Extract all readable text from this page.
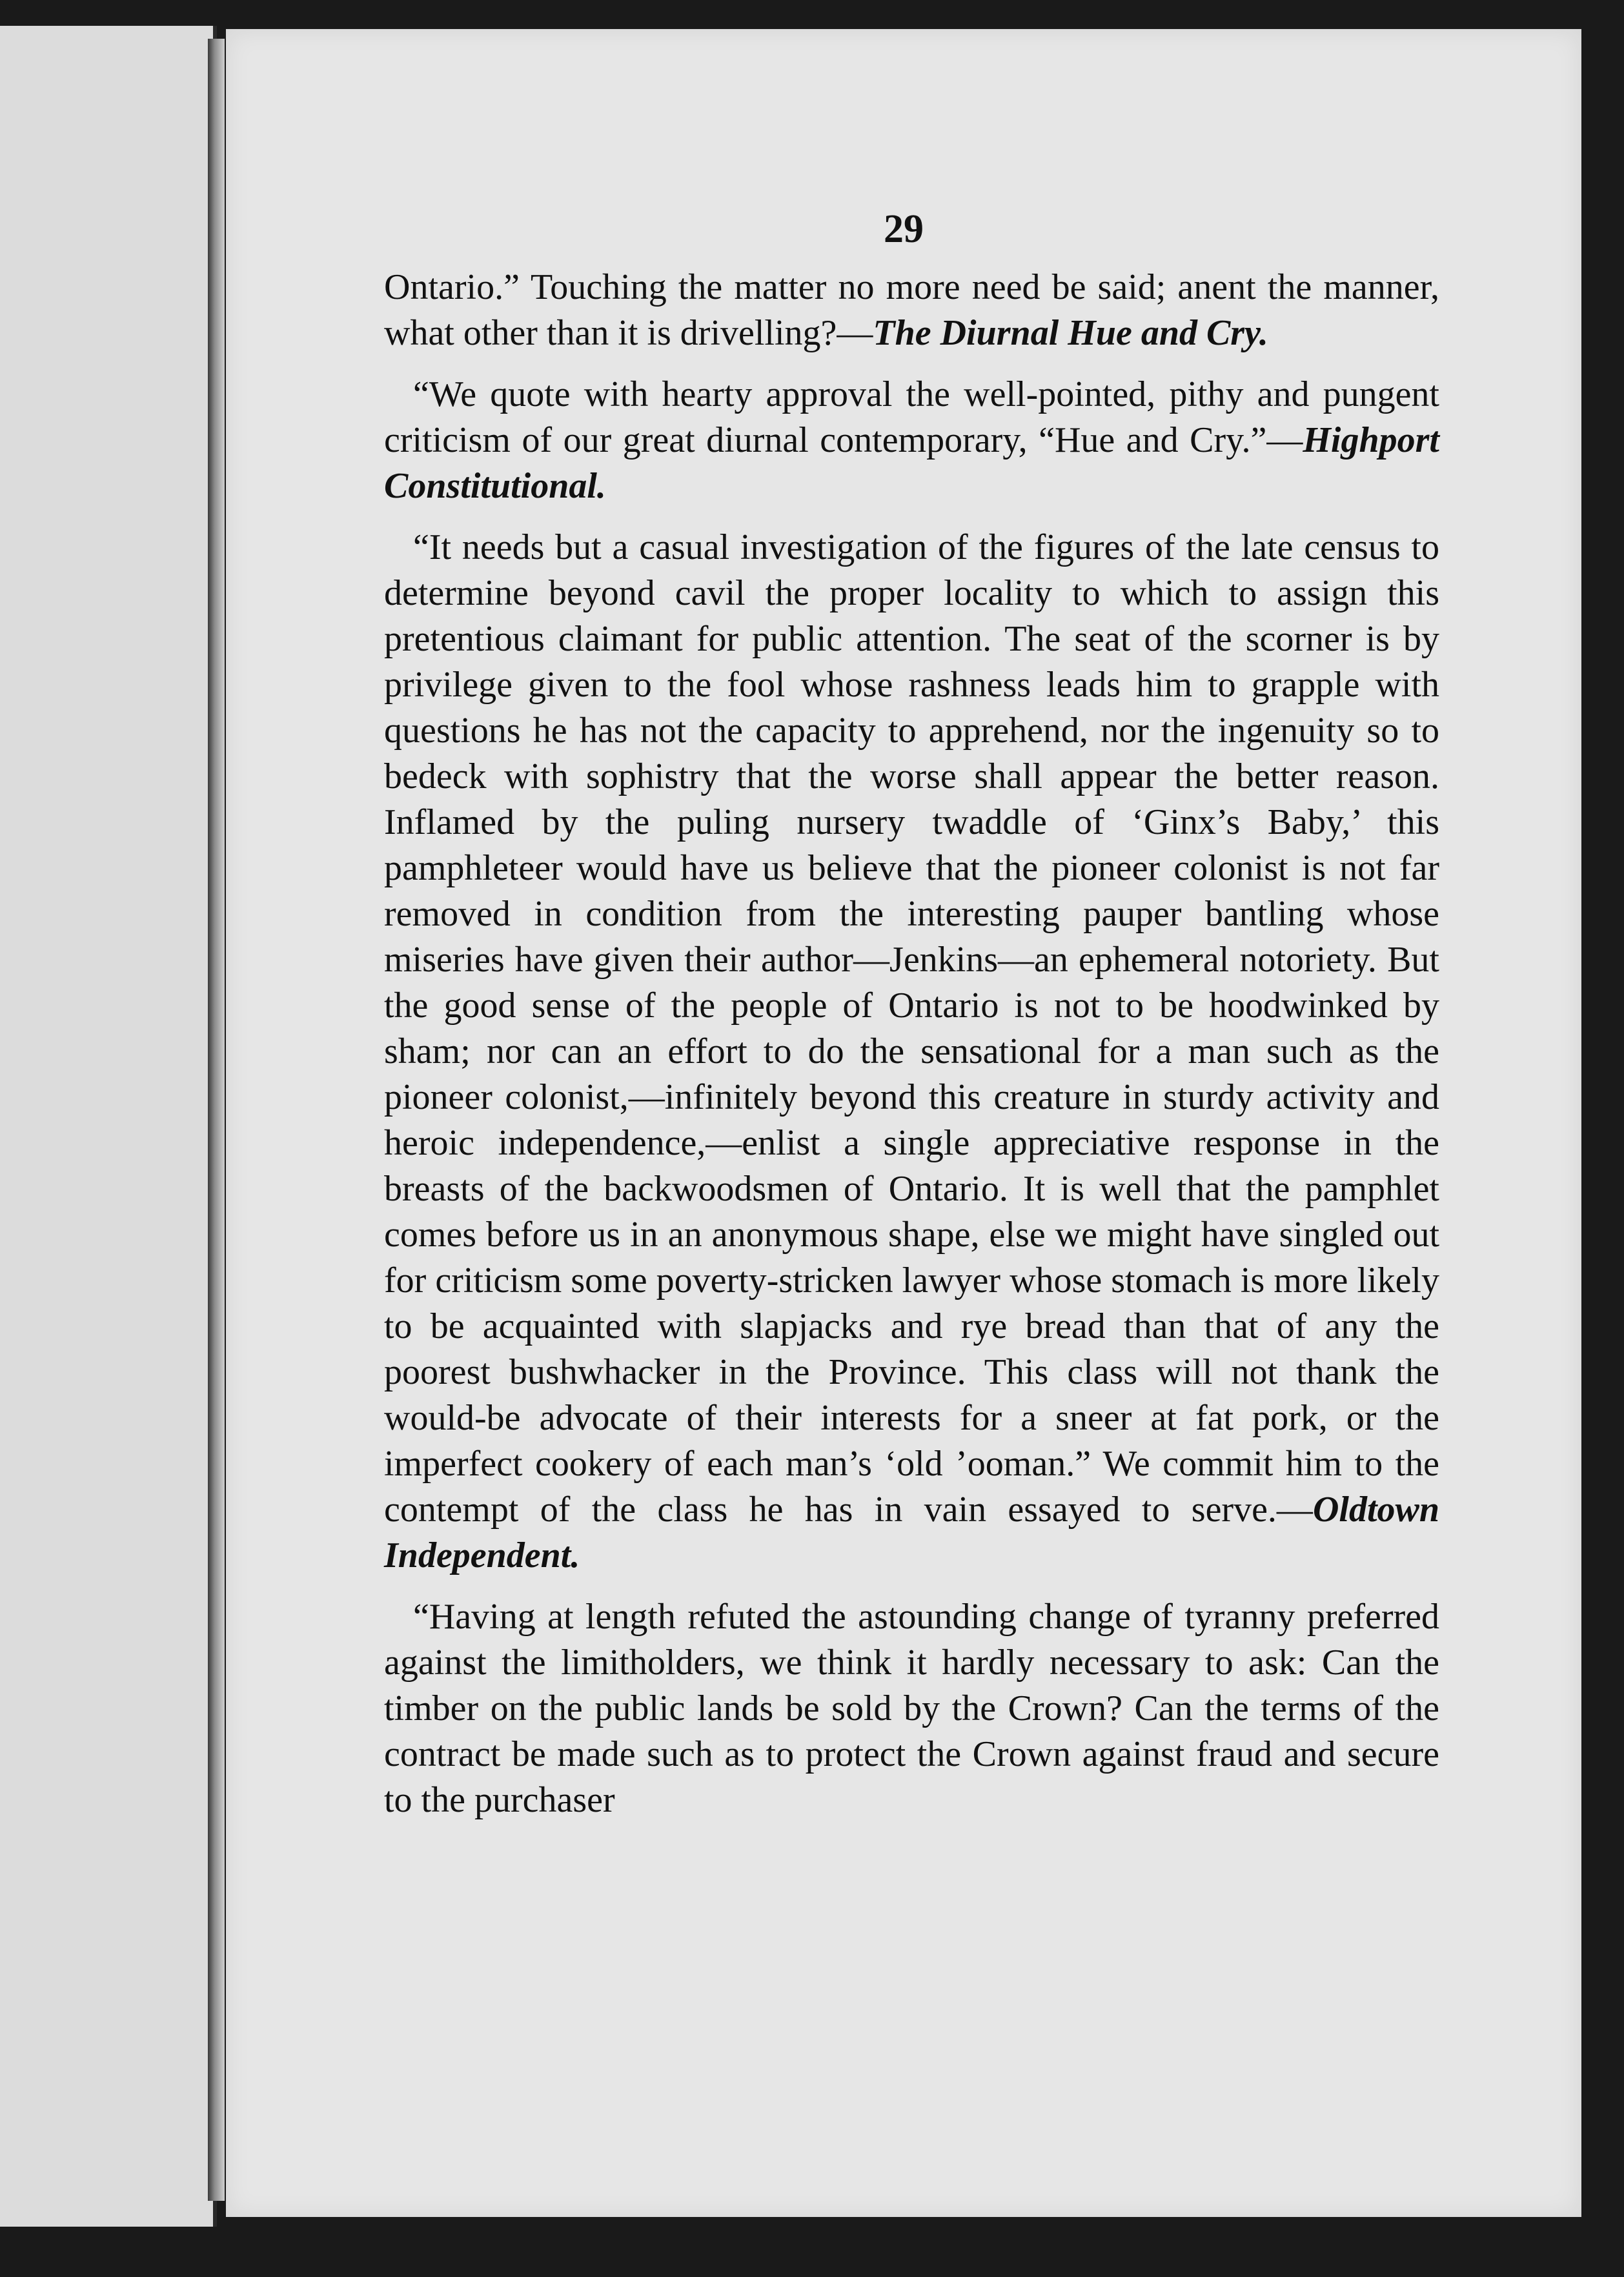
29

Ontario.” Touching the matter no more need be said; anent the manner, what other than it is drivelling?—The Diurnal Hue and Cry.

“We quote with hearty approval the well-pointed, pithy and pungent criticism of our great diurnal contemporary, “Hue and Cry.”—Highport Constitutional.

“It needs but a casual investigation of the figures of the late census to determine beyond cavil the proper locality to which to assign this pretentious claimant for public attention. The seat of the scorner is by privilege given to the fool whose rashness leads him to grapple with questions he has not the capacity to apprehend, nor the ingenuity so to bedeck with sophistry that the worse shall appear the better reason. Inflamed by the puling nursery twaddle of ‘Ginx’s Baby,’ this pamphleteer would have us believe that the pioneer colonist is not far removed in condition from the interesting pauper bantling whose miseries have given their author—Jenkins—an ephemeral notoriety. But the good sense of the people of Ontario is not to be hoodwinked by sham; nor can an effort to do the sensational for a man such as the pioneer colonist,—infinitely beyond this creature in sturdy activity and heroic independence,—enlist a single appreciative response in the breasts of the backwoodsmen of Ontario. It is well that the pamphlet comes before us in an anonymous shape, else we might have singled out for criticism some poverty-stricken lawyer whose stomach is more likely to be acquainted with slapjacks and rye bread than that of any the poorest bushwhacker in the Province. This class will not thank the would-be advocate of their interests for a sneer at fat pork, or the imperfect cookery of each man’s ‘old ’ooman.” We commit him to the contempt of the class he has in vain essayed to serve.—Oldtown Independent.

“Having at length refuted the astounding change of tyranny preferred against the limitholders, we think it hardly necessary to ask: Can the timber on the public lands be sold by the Crown? Can the terms of the contract be made such as to protect the Crown against fraud and secure to the purchaser
